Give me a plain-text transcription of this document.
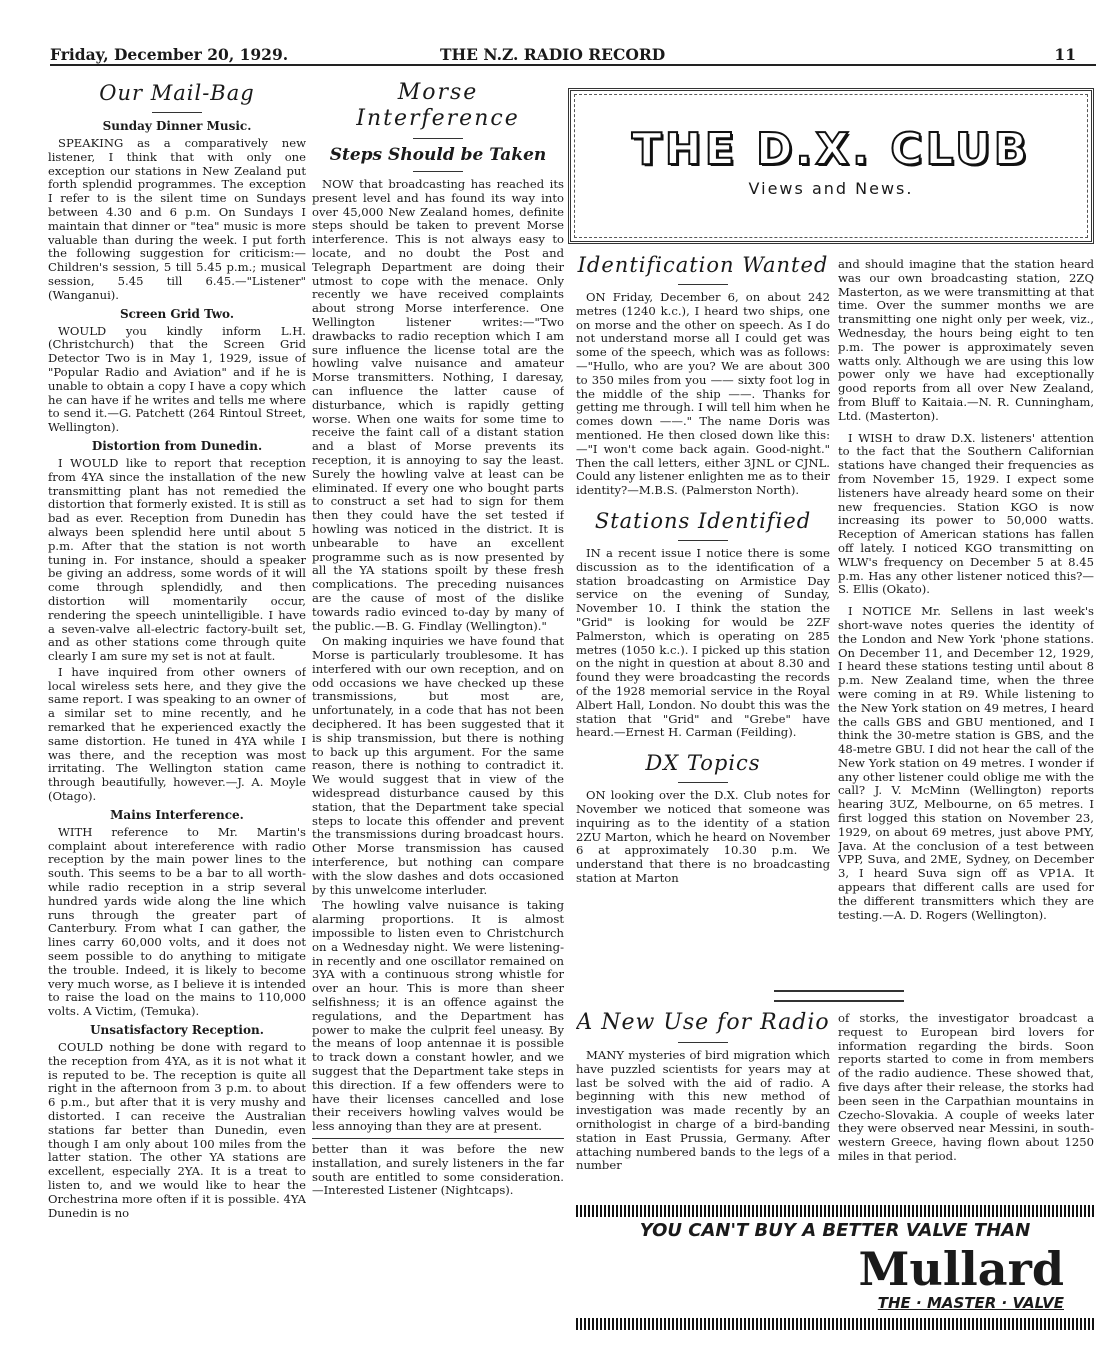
Friday, December 20, 1929.	THE N.Z. RADIO RECORD	11
Our Mail-Bag
Sunday Dinner Music.

SPEAKING as a comparatively new listener, I think that with only one exception our stations in New Zealand put forth splendid programmes. The exception I refer to is the silent time on Sundays between 4.30 and 6 p.m. On Sundays I maintain that dinner or "tea" music is more valuable than during the week. I put forth the following suggestion for criticism:—Children's session, 5 till 5.45 p.m.; musical session, 5.45 till 6.45.—"Listener" (Wanganui).

Screen Grid Two.

WOULD you kindly inform L.H. (Christchurch) that the Screen Grid Detector Two is in May 1, 1929, issue of "Popular Radio and Aviation" and if he is unable to obtain a copy I have a copy which he can have if he writes and tells me where to send it.—G. Patchett (264 Rintoul Street, Wellington).

Distortion from Dunedin.

I WOULD like to report that reception from 4YA since the installation of the new transmitting plant has not remedied the distortion that formerly existed. It is still as bad as ever. Reception from Dunedin has always been splendid here until about 5 p.m. After that the station is not worth tuning in. For instance, should a speaker be giving an address, some words of it will come through splendidly, and then distortion will momentarily occur, rendering the speech unintelligible. I have a seven-valve all-electric factory-built set, and as other stations come through quite clearly I am sure my set is not at fault.

I have inquired from other owners of local wireless sets here, and they give the same report. I was speaking to an owner of a similar set to mine recently, and he remarked that he experienced exactly the same distortion. He tuned in 4YA while I was there, and the reception was most irritating. The Wellington station came through beautifully, however.—J. A. Moyle (Otago).

Mains Interference.

WITH reference to Mr. Martin's complaint about intereference with radio reception by the main power lines to the south. This seems to be a bar to all worth-while radio reception in a strip several hundred yards wide along the line which runs through the greater part of Canterbury. From what I can gather, the lines carry 60,000 volts, and it does not seem possible to do anything to mitigate the trouble. Indeed, it is likely to become very much worse, as I believe it is intended to raise the load on the mains to 110,000 volts. A Victim, (Temuka).

Unsatisfactory Reception.

COULD nothing be done with regard to the reception from 4YA, as it is not what it is reputed to be. The reception is quite all right in the afternoon from 3 p.m. to about 6 p.m., but after that it is very mushy and distorted. I can receive the Australian stations far better than Dunedin, even though I am only about 100 miles from the latter station. The other YA stations are excellent, especially 2YA. It is a treat to listen to, and we would like to hear the Orchestrina more often if it is possible. 4YA Dunedin is no

Morse Interference
Steps Should be Taken

NOW that broadcasting has reached its present level and has found its way into over 45,000 New Zealand homes, definite steps should be taken to prevent Morse interference. This is not always easy to locate, and no doubt the Post and Telegraph Department are doing their utmost to cope with the menace. Only recently we have received complaints about strong Morse interference. One Wellington listener writes:—"Two drawbacks to radio reception which I am sure influence the license total are the howling valve nuisance and amateur Morse transmitters. Nothing, I daresay, can influence the latter cause of disturbance, which is rapidly getting worse. When one waits for some time to receive the faint call of a distant station and a blast of Morse prevents its reception, it is annoying to say the least. Surely the howling valve at least can be eliminated. If every one who bought parts to construct a set had to sign for them then they could have the set tested if howling was noticed in the district. It is unbearable to have an excellent programme such as is now presented by all the YA stations spoilt by these fresh complications. The preceding nuisances are the cause of most of the dislike towards radio evinced to-day by many of the public.—B. G. Findlay (Wellington)."

On making inquiries we have found that Morse is particularly troublesome. It has interfered with our own reception, and on odd occasions we have checked up these transmissions, but most are, unfortunately, in a code that has not been deciphered. It has been suggested that it is ship transmission, but there is nothing to back up this argument. For the same reason, there is nothing to contradict it. We would suggest that in view of the widespread disturbance caused by this station, that the Department take special steps to locate this offender and prevent the transmissions during broadcast hours. Other Morse transmission has caused interference, but nothing can compare with the slow dashes and dots occasioned by this unwelcome interluder.

The howling valve nuisance is taking alarming proportions. It is almost impossible to listen even to Christchurch on a Wednesday night. We were listening-in recently and one oscillator remained on 3YA with a continuous strong whistle for over an hour. This is more than sheer selfishness; it is an offence against the regulations, and the Department has power to make the culprit feel uneasy. By the means of loop antennae it is possible to track down a constant howler, and we suggest that the Department take steps in this direction. If a few offenders were to have their licenses cancelled and lose their receivers howling valves would be less annoying than they are at present.

better than it was before the new installation, and surely listeners in the far south are entitled to some consideration.—Interested Listener (Nightcaps).

THE D.X. CLUB
Views and News.
Identification Wanted

ON Friday, December 6, on about 242 metres (1240 k.c.), I heard two ships, one on morse and the other on speech. As I do not understand morse all I could get was some of the speech, which was as follows:—"Hullo, who are you? We are about 300 to 350 miles from you —— sixty foot log in the middle of the ship ——. Thanks for getting me through. I will tell him when he comes down ——." The name Doris was mentioned. He then closed down like this:—"I won't come back again. Good-night." Then the call letters, either 3JNL or CJNL. Could any listener enlighten me as to their identity?—M.B.S. (Palmerston North).

Stations Identified

IN a recent issue I notice there is some discussion as to the identification of a station broadcasting on Armistice Day service on the evening of Sunday, November 10. I think the station the "Grid" is looking for would be 2ZF Palmerston, which is operating on 285 metres (1050 k.c.). I picked up this station on the night in question at about 8.30 and found they were broadcasting the records of the 1928 memorial service in the Royal Albert Hall, London. No doubt this was the station that "Grid" and "Grebe" have heard.—Ernest H. Carman (Feilding).

DX Topics

ON looking over the D.X. Club notes for November we noticed that someone was inquiring as to the identity of a station 2ZU Marton, which he heard on November 6 at approximately 10.30 p.m. We understand that there is no broadcasting station at Marton

and should imagine that the station heard was our own broadcasting station, 2ZQ Masterton, as we were transmitting at that time. Over the summer months we are transmitting one night only per week, viz., Wednesday, the hours being eight to ten p.m. The power is approximately seven watts only. Although we are using this low power only we have had exceptionally good reports from all over New Zealand, from Bluff to Kaitaia.—N. R. Cunningham, Ltd. (Masterton).

I WISH to draw D.X. listeners' attention to the fact that the Southern Californian stations have changed their frequencies as from November 15, 1929. I expect some listeners have already heard some on their new frequencies. Station KGO is now increasing its power to 50,000 watts. Reception of American stations has fallen off lately. I noticed KGO transmitting on WLW's frequency on December 5 at 8.45 p.m. Has any other listener noticed this?—S. Ellis (Okato).

I NOTICE Mr. Sellens in last week's short-wave notes queries the identity of the London and New York 'phone stations. On December 11, and December 12, 1929, I heard these stations testing until about 8 p.m. New Zealand time, when the three were coming in at R9. While listening to the New York station on 49 metres, I heard the calls GBS and GBU mentioned, and I think the 30-metre station is GBS, and the 48-metre GBU. I did not hear the call of the New York station on 49 metres. I wonder if any other listener could oblige me with the call? J. V. McMinn (Wellington) reports hearing 3UZ, Melbourne, on 65 metres. I first logged this station on November 23, 1929, on about 69 metres, just above PMY, Java. At the conclusion of a test between VPP, Suva, and 2ME, Sydney, on December 3, I heard Suva sign off as VP1A. It appears that different calls are used for the different transmitters which they are testing.—A. D. Rogers (Wellington).

A New Use for Radio

MANY mysteries of bird migration which have puzzled scientists for years may at last be solved with the aid of radio. A beginning with this new method of investigation was made recently by an ornithologist in charge of a bird-banding station in East Prussia, Germany. After attaching numbered bands to the legs of a number

of storks, the investigator broadcast a request to European bird lovers for information regarding the birds. Soon reports started to come in from members of the radio audience. These showed that, five days after their release, the storks had been seen in the Carpathian mountains in Czecho-Slovakia. A couple of weeks later they were observed near Messini, in south-western Greece, having flown about 1250 miles in that period.

YOU CAN'T BUY A BETTER VALVE THAN
Mullard
THE · MASTER · VALVE
